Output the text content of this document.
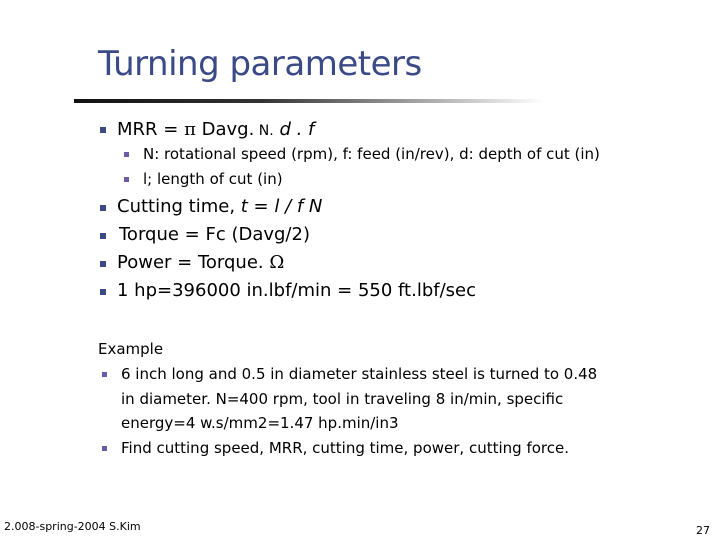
Turning parameters
MRR = π Davg. N. d . f
N: rotational speed (rpm), f: feed (in/rev), d: depth of cut (in)
l; length of cut (in)
Cutting time, t = l / f N
Torque = Fc (Davg/2)
Power = Torque. Ω
1 hp=396000 in.lbf/min = 550 ft.lbf/sec
Example
6 inch long and 0.5 in diameter stainless steel is turned to 0.48
in diameter. N=400 rpm, tool in traveling 8 in/min, specific
energy=4 w.s/mm2=1.47 hp.min/in3
Find cutting speed, MRR, cutting time, power, cutting force.
2.008-spring-2004 S.Kim	27
